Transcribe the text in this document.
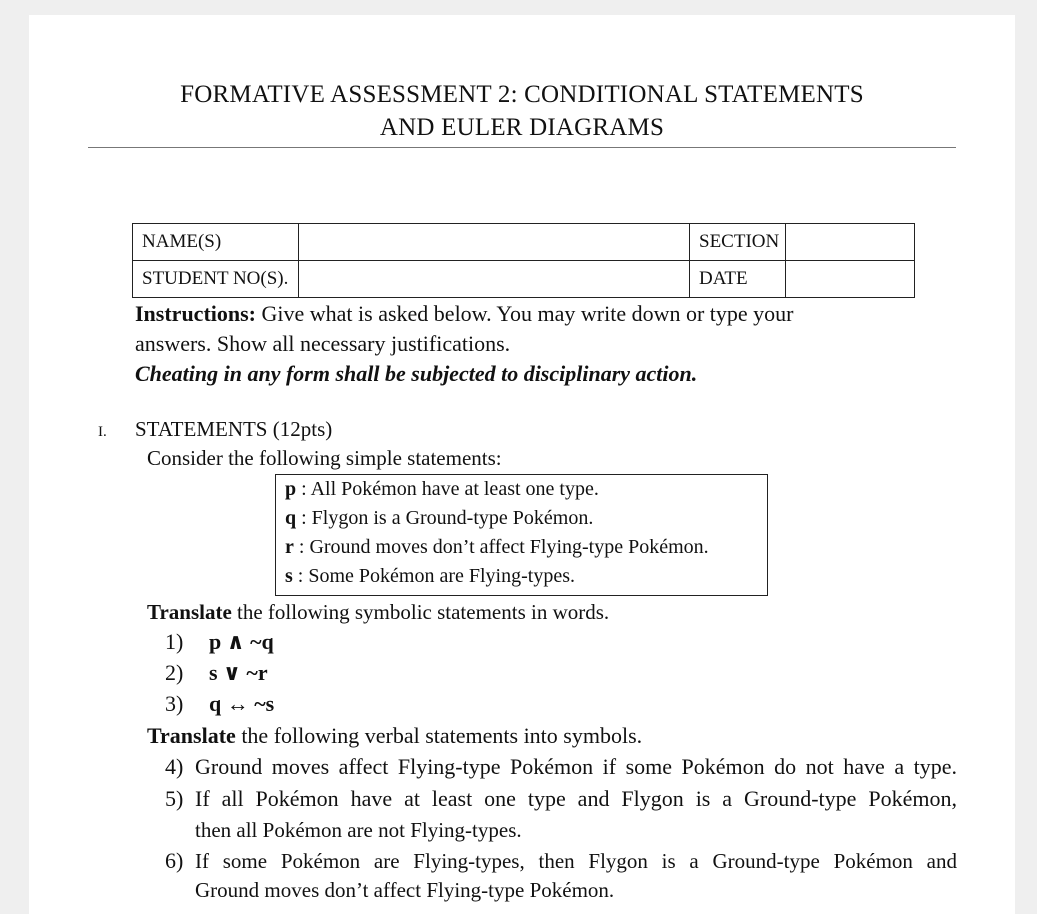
FORMATIVE ASSESSMENT 2: CONDITIONAL STATEMENTS
AND EULER DIAGRAMS
NAME(S)		SECTION	
STUDENT NO(S).		DATE	
Instructions: Give what is asked below. You may write down or type your
answers. Show all necessary justifications.
Cheating in any form shall be subjected to disciplinary action.
I. STATEMENTS (12pts)
Consider the following simple statements:
p : All Pokémon have at least one type.
q : Flygon is a Ground-type Pokémon.
r : Ground moves don’t affect Flying-type Pokémon.
s : Some Pokémon are Flying-types.
Translate the following symbolic statements in words.
1) p ∧ ~q
2) s ∨ ~r
3) q ↔ ~s
Translate the following verbal statements into symbols.
4) Ground moves affect Flying-type Pokémon if some Pokémon do not have a type.
5) If all Pokémon have at least one type and Flygon is a Ground-type Pokémon,
then all Pokémon are not Flying-types.
6) If some Pokémon are Flying-types, then Flygon is a Ground-type Pokémon and
Ground moves don’t affect Flying-type Pokémon.
